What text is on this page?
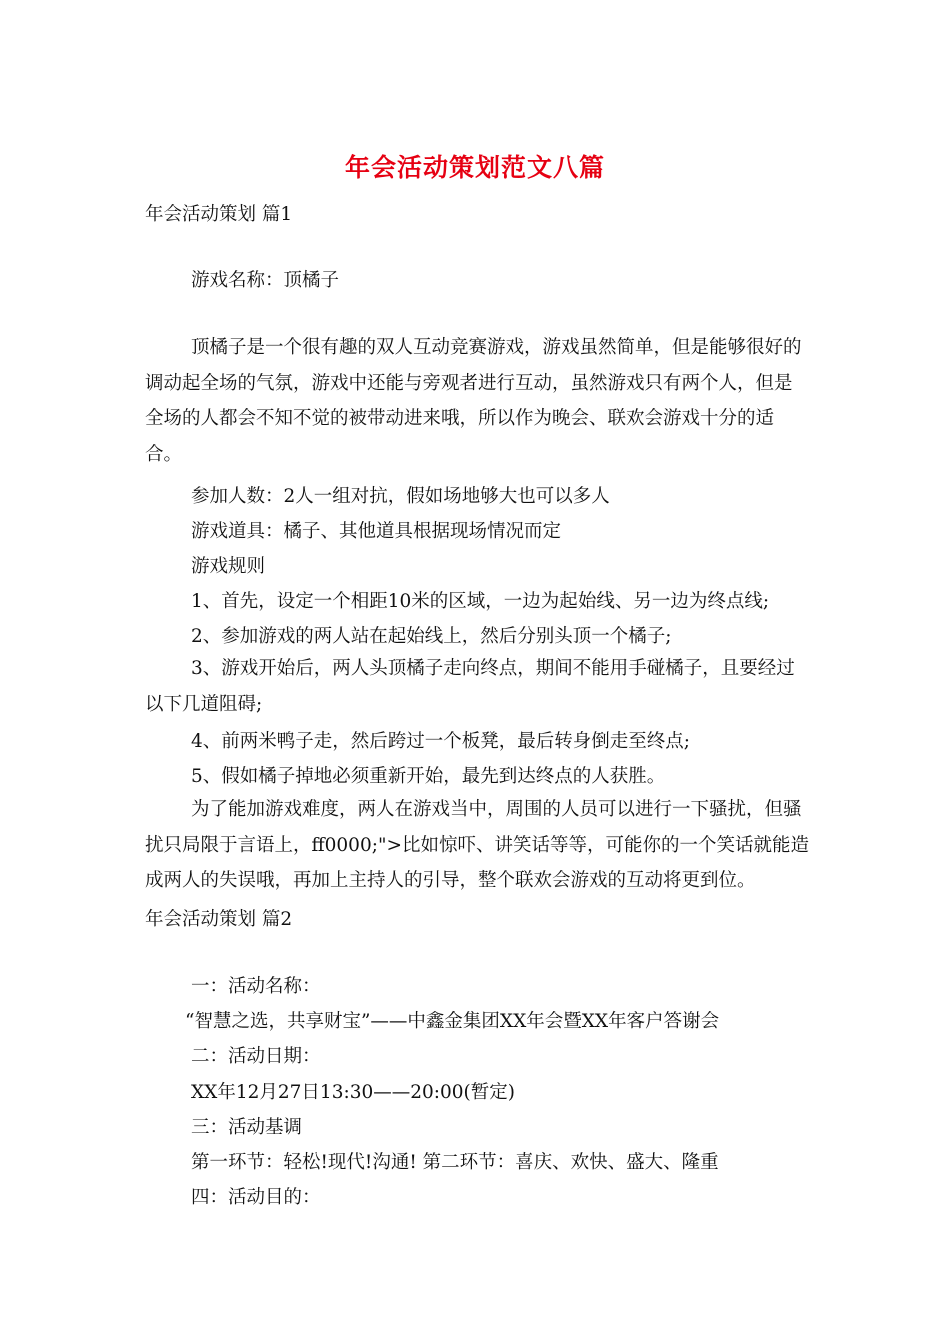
年会活动策划范文八篇
年会活动策划 篇1
游戏名称：顶橘子
顶橘子是一个很有趣的双人互动竞赛游戏，游戏虽然简单，但是能够很好的调动起全场的气氛，游戏中还能与旁观者进行互动，虽然游戏只有两个人，但是全场的人都会不知不觉的被带动进来哦，所以作为晚会、联欢会游戏十分的适合。
参加人数：2人一组对抗，假如场地够大也可以多人
游戏道具：橘子、其他道具根据现场情况而定
游戏规则
1、首先，设定一个相距10米的区域，一边为起始线、另一边为终点线;
2、参加游戏的两人站在起始线上，然后分别头顶一个橘子;
3、游戏开始后，两人头顶橘子走向终点，期间不能用手碰橘子，且要经过以下几道阻碍;
4、前两米鸭子走，然后跨过一个板凳，最后转身倒走至终点;
5、假如橘子掉地必须重新开始，最先到达终点的人获胜。
为了能加游戏难度，两人在游戏当中，周围的人员可以进行一下骚扰，但骚扰只局限于言语上，ff0000;">比如惊吓、讲笑话等等，可能你的一个笑话就能造成两人的失误哦，再加上主持人的引导，整个联欢会游戏的互动将更到位。
年会活动策划 篇2
一：活动名称：
“智慧之选，共享财宝”——中鑫金集团XX年会暨XX年客户答谢会
二：活动日期：
XX年12月27日13:30——20:00(暂定)
三：活动基调
第一环节：轻松!现代!沟通! 第二环节：喜庆、欢快、盛大、隆重
四：活动目的：
